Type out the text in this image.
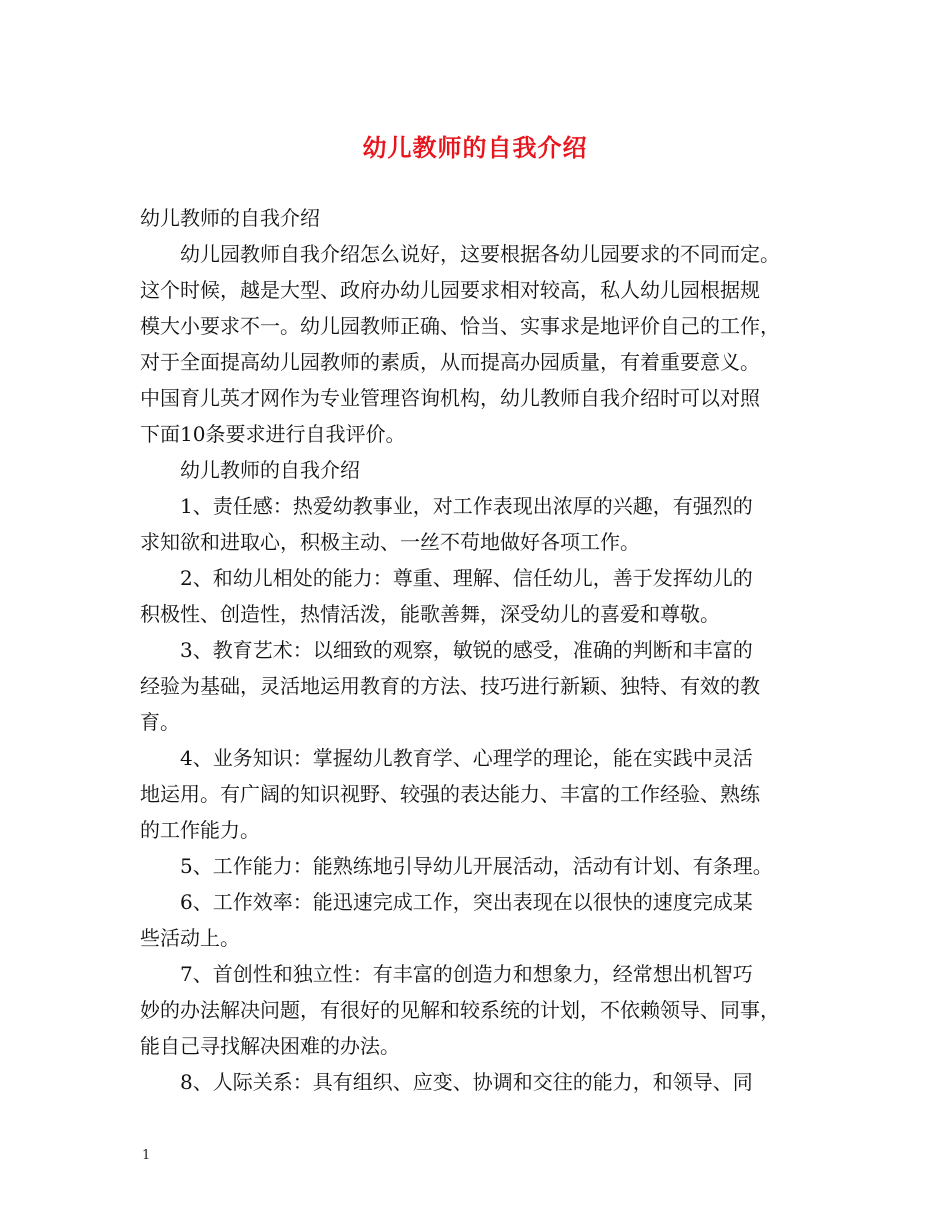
幼儿教师的自我介绍

幼儿教师的自我介绍

幼儿园教师自我介绍怎么说好，这要根据各幼儿园要求的不同而定。
这个时候，越是大型、政府办幼儿园要求相对较高，私人幼儿园根据规
模大小要求不一。幼儿园教师正确、恰当、实事求是地评价自己的工作，
对于全面提高幼儿园教师的素质，从而提高办园质量，有着重要意义。
中国育儿英才网作为专业管理咨询机构，幼儿教师自我介绍时可以对照
下面10条要求进行自我评价。

幼儿教师的自我介绍

1、责任感：热爱幼教事业，对工作表现出浓厚的兴趣，有强烈的
求知欲和进取心，积极主动、一丝不苟地做好各项工作。

2、和幼儿相处的能力：尊重、理解、信任幼儿，善于发挥幼儿的
积极性、创造性，热情活泼，能歌善舞，深受幼儿的喜爱和尊敬。

3、教育艺术：以细致的观察，敏锐的感受，准确的判断和丰富的
经验为基础，灵活地运用教育的方法、技巧进行新颖、独特、有效的教
育。

4、业务知识：掌握幼儿教育学、心理学的理论，能在实践中灵活
地运用。有广阔的知识视野、较强的表达能力、丰富的工作经验、熟练
的工作能力。

5、工作能力：能熟练地引导幼儿开展活动，活动有计划、有条理。

6、工作效率：能迅速完成工作，突出表现在以很快的速度完成某
些活动上。

7、首创性和独立性：有丰富的创造力和想象力，经常想出机智巧
妙的办法解决问题，有很好的见解和较系统的计划，不依赖领导、同事，
能自己寻找解决困难的办法。

8、人际关系：具有组织、应变、协调和交往的能力，和领导、同

1
